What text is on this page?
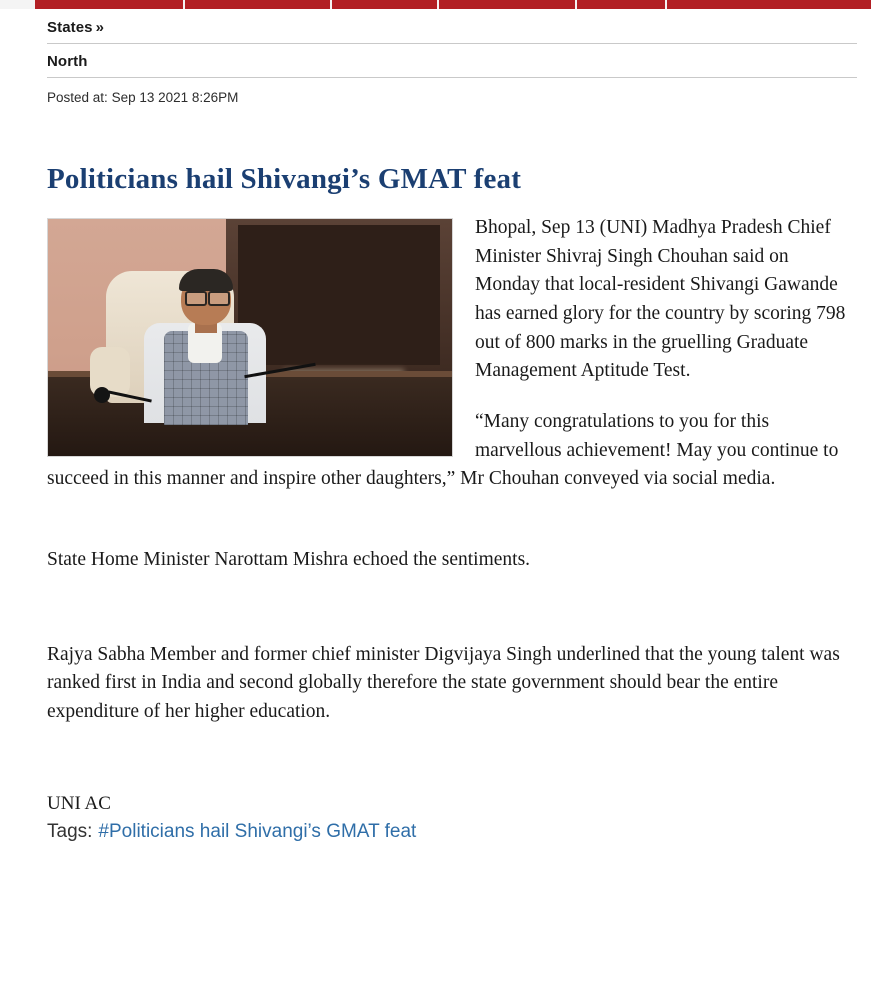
States »
North
Posted at: Sep 13 2021 8:26PM
Politicians hail Shivangi’s GMAT feat

Bhopal, Sep 13 (UNI) Madhya Pradesh Chief Minister Shivraj Singh Chouhan said on Monday that local-resident Shivangi Gawande has earned glory for the country by scoring 798 out of 800 marks in the gruelling Graduate Management Aptitude Test.

“Many congratulations to you for this marvellous achievement! May you continue to succeed in this manner and inspire other daughters,” Mr Chouhan conveyed via social media.

State Home Minister Narottam Mishra echoed the sentiments.

Rajya Sabha Member and former chief minister Digvijaya Singh underlined that the young talent was ranked first in India and second globally therefore the state government should bear the entire expenditure of her higher education.

UNI AC
Tags: #Politicians hail Shivangi’s GMAT feat
